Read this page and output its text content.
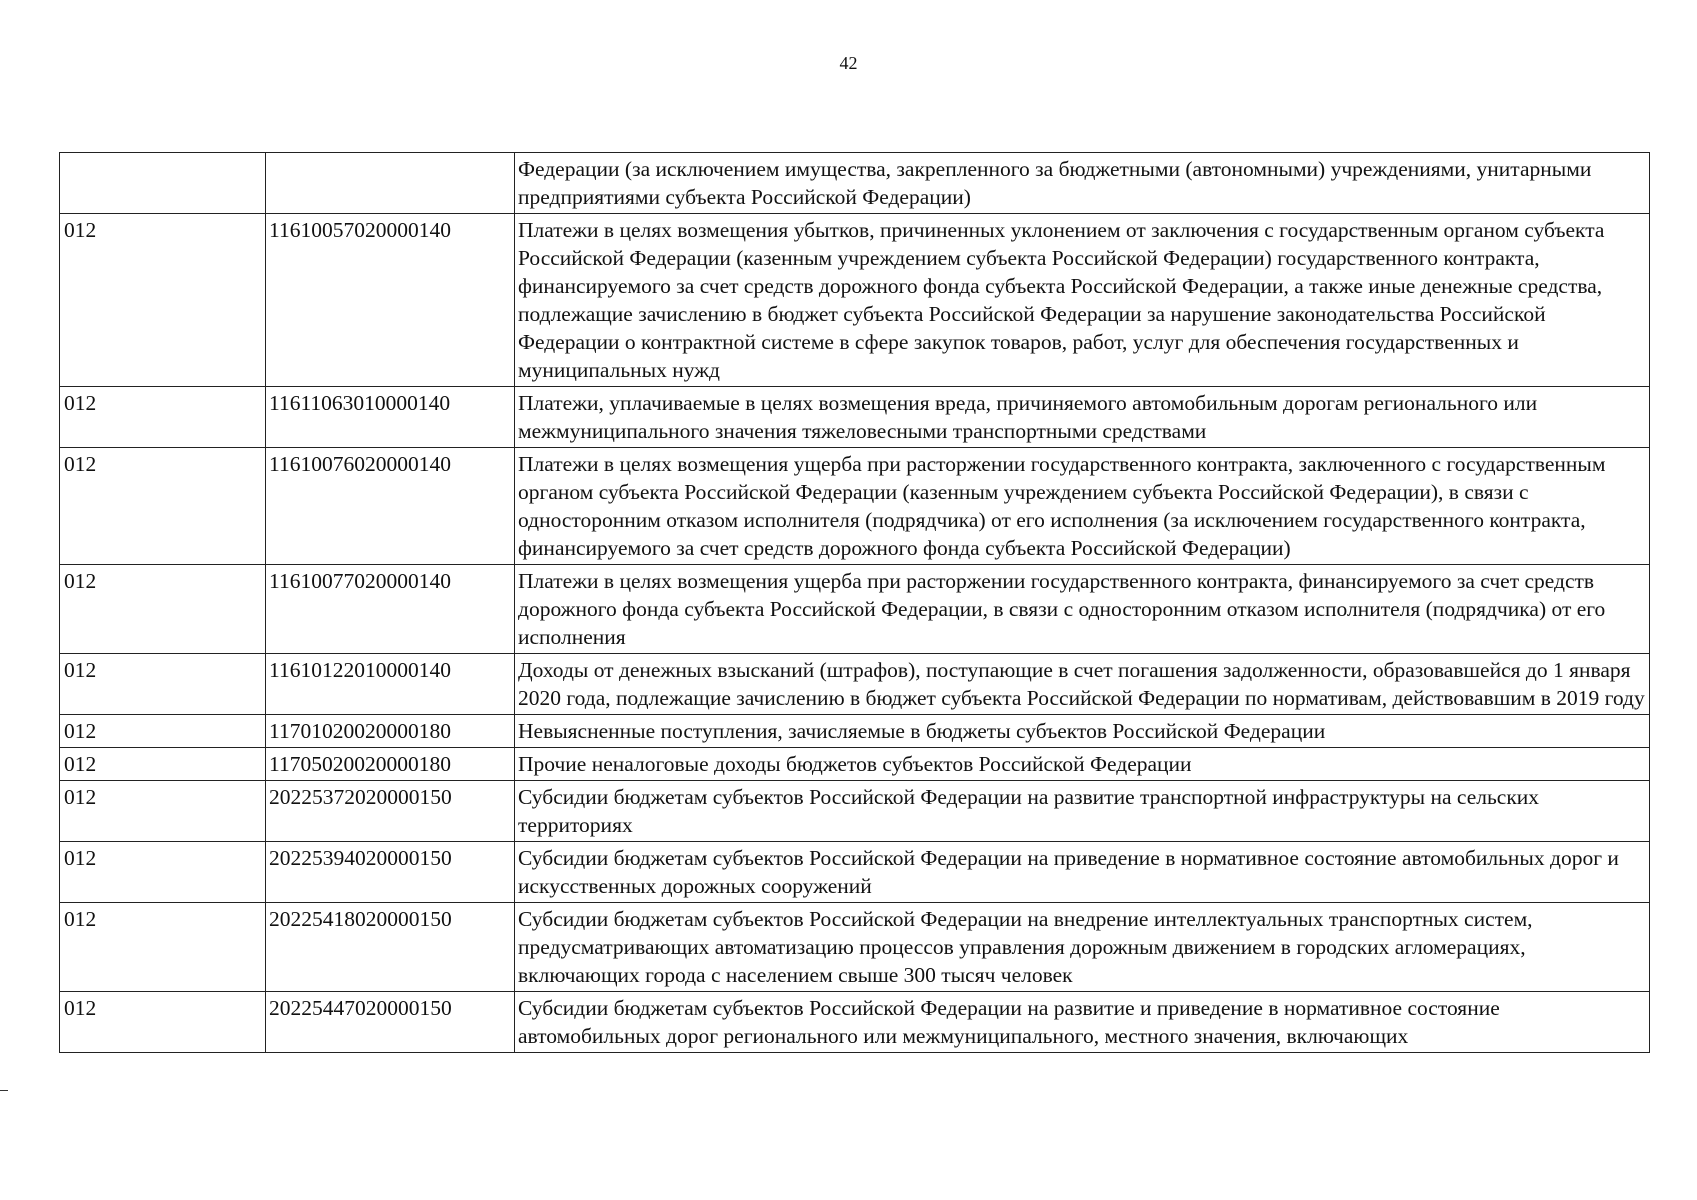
42
		Федерации (за исключением имущества, закрепленного за бюджетными (автономными) учреждениями, унитарными предприятиями субъекта Российской Федерации)
012	11610057020000140	Платежи в целях возмещения убытков, причиненных уклонением от заключения с государственным органом субъекта Российской Федерации (казенным учреждением субъекта Российской Федерации) государственного контракта, финансируемого за счет средств дорожного фонда субъекта Российской Федерации, а также иные денежные средства, подлежащие зачислению в бюджет субъекта Российской Федерации за нарушение законодательства Российской Федерации о контрактной системе в сфере закупок товаров, работ, услуг для обеспечения государственных и муниципальных нужд
012	11611063010000140	Платежи, уплачиваемые в целях возмещения вреда, причиняемого автомобильным дорогам регионального или межмуниципального значения тяжеловесными транспортными средствами
012	11610076020000140	Платежи в целях возмещения ущерба при расторжении государственного контракта, заключенного с государственным органом субъекта Российской Федерации (казенным учреждением субъекта Российской Федерации), в связи с односторонним отказом исполнителя (подрядчика) от его исполнения (за исключением государственного контракта, финансируемого за счет средств дорожного фонда субъекта Российской Федерации)
012	11610077020000140	Платежи в целях возмещения ущерба при расторжении государственного контракта, финансируемого за счет средств дорожного фонда субъекта Российской Федерации, в связи с односторонним отказом исполнителя (подрядчика) от его исполнения
012	11610122010000140	Доходы от денежных взысканий (штрафов), поступающие в счет погашения задолженности, образовавшейся до 1 января 2020 года, подлежащие зачислению в бюджет субъекта Российской Федерации по нормативам, действовавшим в 2019 году
012	11701020020000180	Невыясненные поступления, зачисляемые в бюджеты субъектов Российской Федерации
012	11705020020000180	Прочие неналоговые доходы бюджетов субъектов Российской Федерации
012	20225372020000150	Субсидии бюджетам субъектов Российской Федерации на развитие транспортной инфраструктуры на сельских территориях
012	20225394020000150	Субсидии бюджетам субъектов Российской Федерации на приведение в нормативное состояние автомобильных дорог и искусственных дорожных сооружений
012	20225418020000150	Субсидии бюджетам субъектов Российской Федерации на внедрение интеллектуальных транспортных систем, предусматривающих автоматизацию процессов управления дорожным движением в городских агломерациях, включающих города с населением свыше 300 тысяч человек
012	20225447020000150	Субсидии бюджетам субъектов Российской Федерации на развитие и приведение в нормативное состояние автомобильных дорог регионального или межмуниципального, местного значения, включающих
